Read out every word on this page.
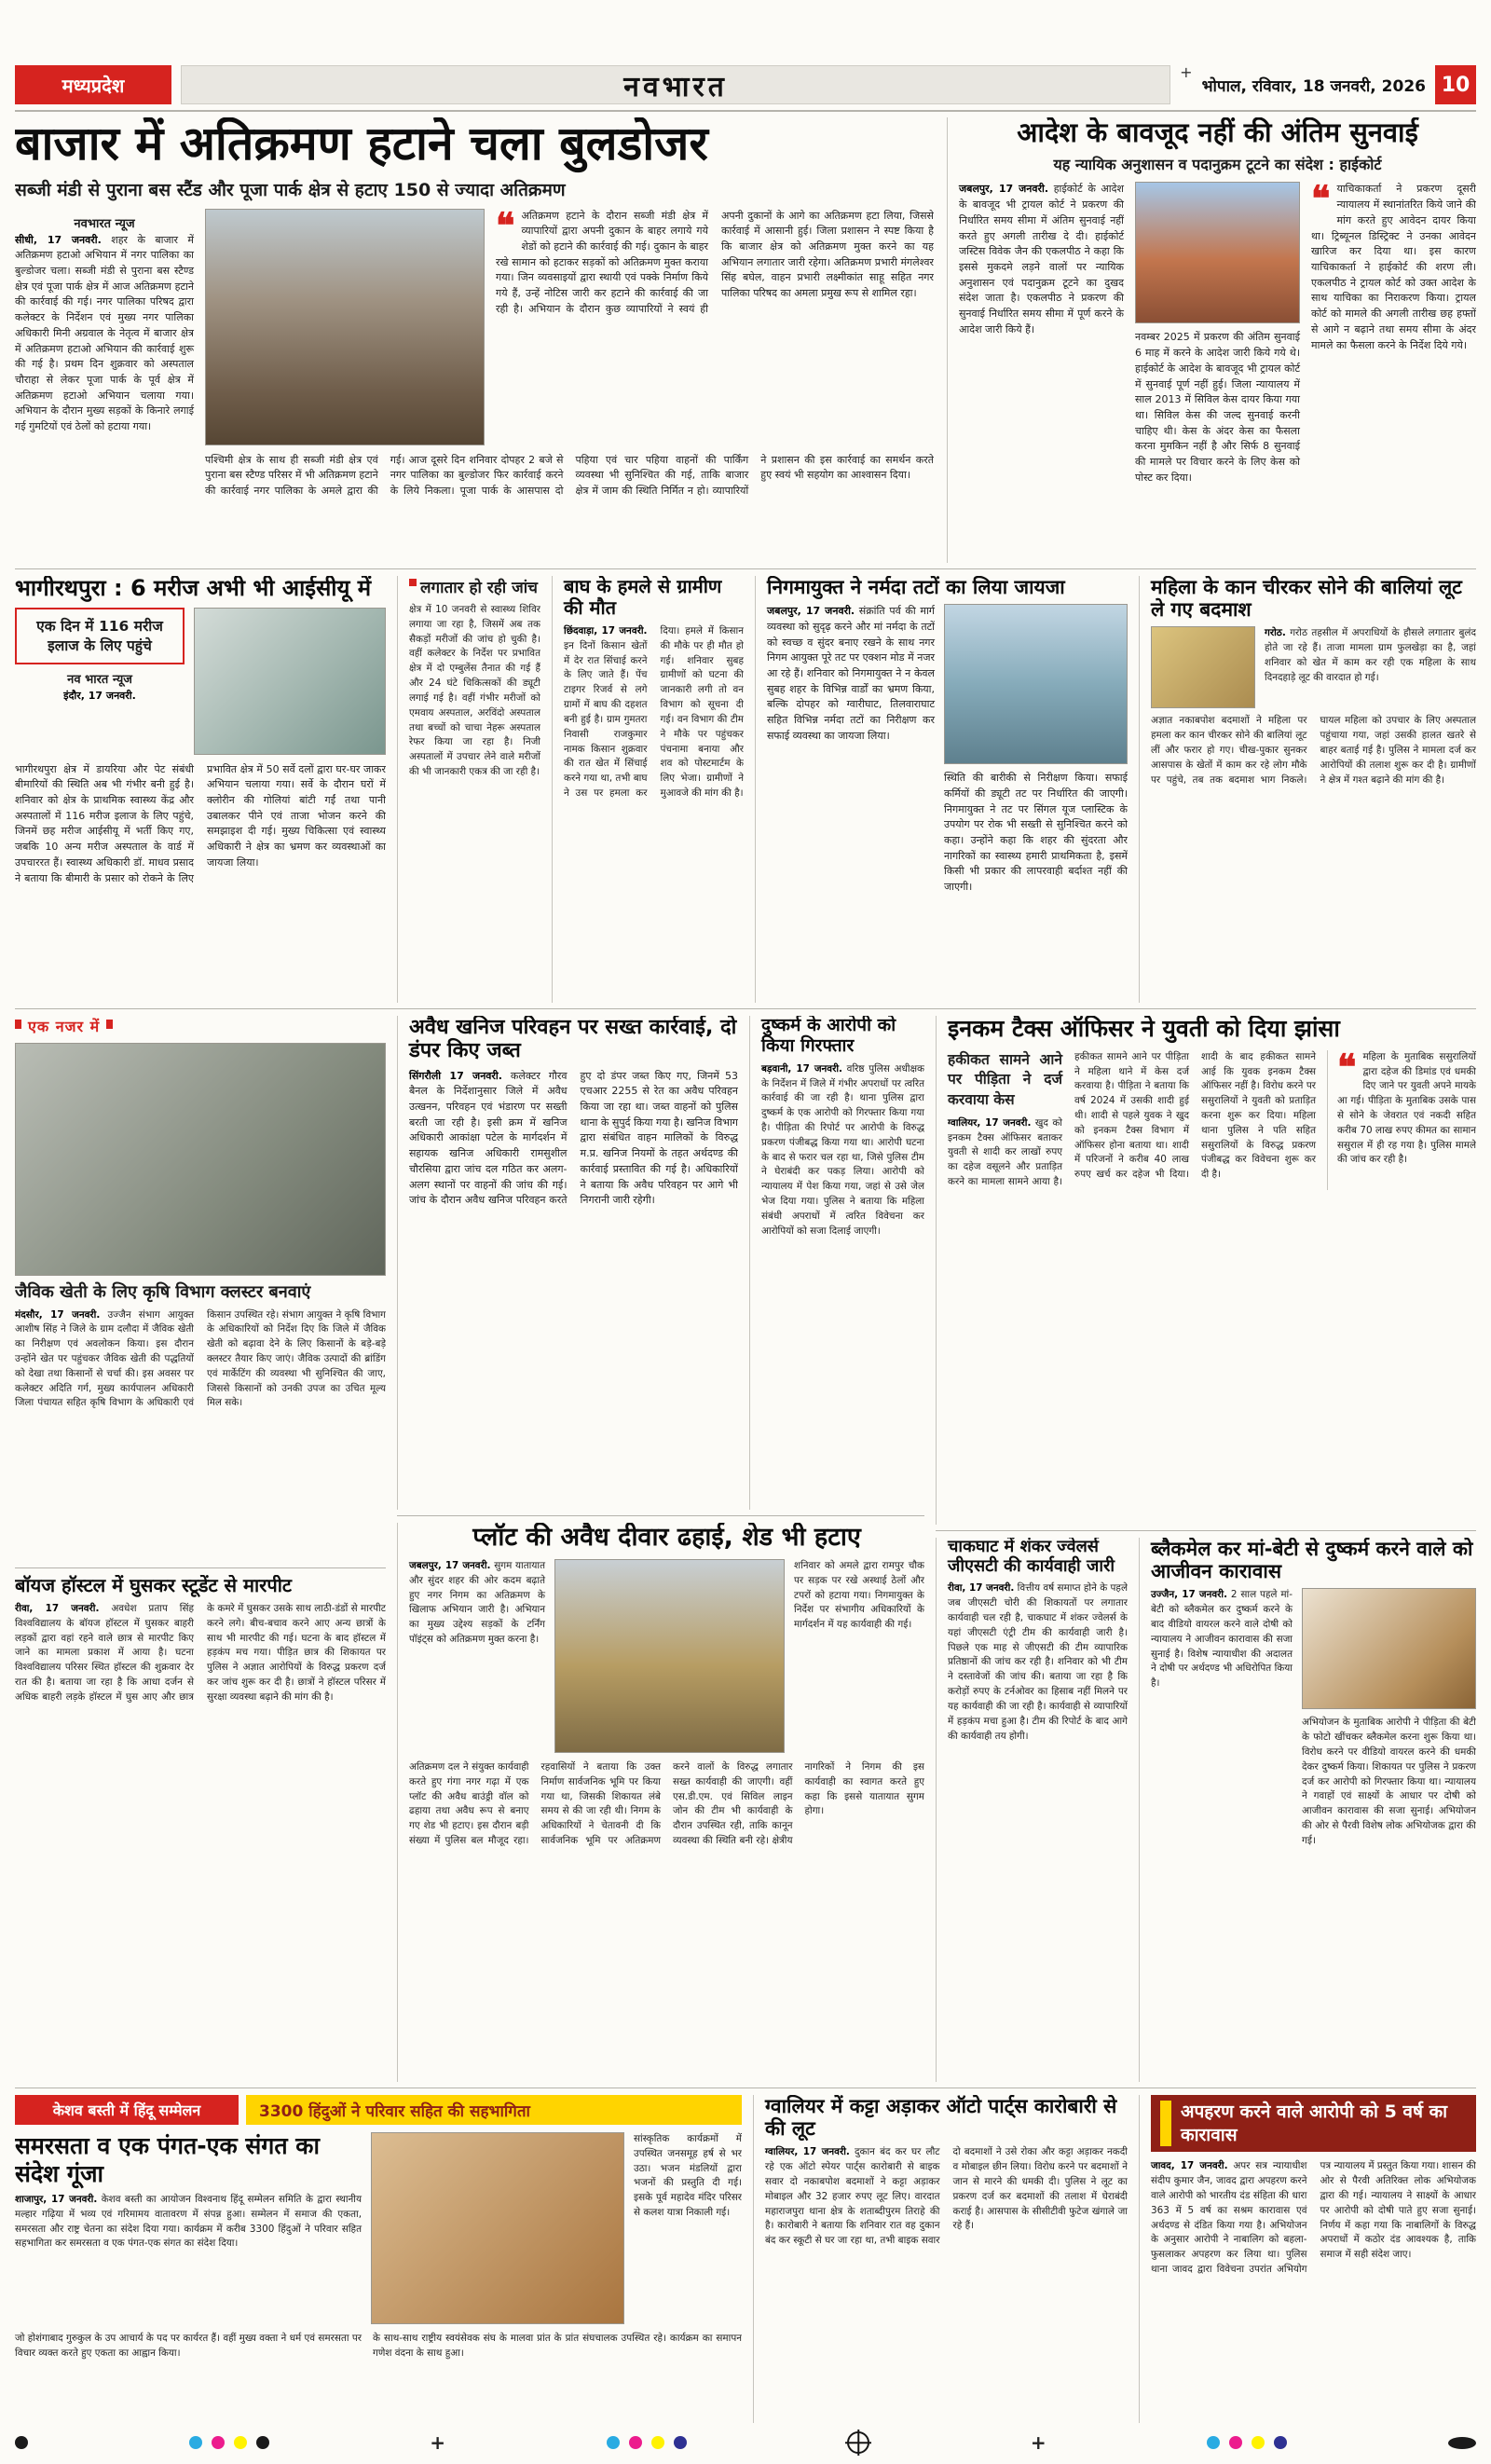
मध्यप्रदेश	नवभारत	+
भोपाल, रविवार, 18 जनवरी, 2026 10
बाजार में अतिक्रमण हटाने चला बुलडोजर
सब्जी मंडी से पुराना बस स्टैंड और पूजा पार्क क्षेत्र से हटाए 150 से ज्यादा अतिक्रमण
नवभारत न्यूज
सीधी, 17 जनवरी. शहर के बाजार में अतिक्रमण हटाओ अभियान में नगर पालिका का बुल्डोजर चला। सब्जी मंडी से पुराना बस स्टैण्ड क्षेत्र एवं पूजा पार्क क्षेत्र में आज अतिक्रमण हटाने की कार्रवाई की गई। नगर पालिका परिषद द्वारा कलेक्टर के निर्देशन एवं मुख्य नगर पालिका अधिकारी मिनी अग्रवाल के नेतृत्व में बाजार क्षेत्र में अतिक्रमण हटाओ अभियान की कार्रवाई शुरू की गई है। प्रथम दिन शुक्रवार को अस्पताल चौराहा से लेकर पूजा पार्क के पूर्व क्षेत्र में अतिक्रमण हटाओ अभियान चलाया गया। अभियान के दौरान मुख्य सड़कों के किनारे लगाई गई गुमटियों एवं ठेलों को हटाया गया।
❝ अतिक्रमण हटाने के दौरान सब्जी मंडी क्षेत्र में व्यापारियों द्वारा अपनी दुकान के बाहर लगाये गये शेडों को हटाने की कार्रवाई की गई। दुकान के बाहर रखे सामान को हटाकर सड़कों को अतिक्रमण मुक्त कराया गया। जिन व्यवसाइयों द्वारा स्थायी एवं पक्के निर्माण किये गये हैं, उन्हें नोटिस जारी कर हटाने की कार्रवाई की जा रही है। अभियान के दौरान कुछ व्यापारियों ने स्वयं ही अपनी दुकानों के आगे का अतिक्रमण हटा लिया, जिससे कार्रवाई में आसानी हुई। जिला प्रशासन ने स्पष्ट किया है कि बाजार क्षेत्र को अतिक्रमण मुक्त करने का यह अभियान लगातार जारी रहेगा। अतिक्रमण प्रभारी मंगलेश्वर सिंह बघेल, वाहन प्रभारी लक्ष्मीकांत साहू सहित नगर पालिका परिषद का अमला प्रमुख रूप से शामिल रहा।
पश्चिमी क्षेत्र के साथ ही सब्जी मंडी क्षेत्र एवं पुराना बस स्टैण्ड परिसर में भी अतिक्रमण हटाने की कार्रवाई नगर पालिका के अमले द्वारा की गई। आज दूसरे दिन शनिवार दोपहर 2 बजे से नगर पालिका का बुल्डोजर फिर कार्रवाई करने के लिये निकला। पूजा पार्क के आसपास दो पहिया एवं चार पहिया वाहनों की पार्किंग व्यवस्था भी सुनिश्चित की गई, ताकि बाजार क्षेत्र में जाम की स्थिति निर्मित न हो। व्यापारियों ने प्रशासन की इस कार्रवाई का समर्थन करते हुए स्वयं भी सहयोग का आश्वासन दिया।
आदेश के बावजूद नहीं की अंतिम सुनवाई
यह न्यायिक अनुशासन व पदानुक्रम टूटने का संदेश : हाईकोर्ट
जबलपुर, 17 जनवरी. हाईकोर्ट के आदेश के बावजूद भी ट्रायल कोर्ट ने प्रकरण की निर्धारित समय सीमा में अंतिम सुनवाई नहीं करते हुए अगली तारीख दे दी। हाईकोर्ट जस्टिस विवेक जैन की एकलपीठ ने कहा कि इससे मुकदमे लड़ने वालों पर न्यायिक अनुशासन एवं पदानुक्रम टूटने का दुखद संदेश जाता है। एकलपीठ ने प्रकरण की सुनवाई निर्धारित समय सीमा में पूर्ण करने के आदेश जारी किये हैं।
नवम्बर 2025 में प्रकरण की अंतिम सुनवाई 6 माह में करने के आदेश जारी किये गये थे। हाईकोर्ट के आदेश के बावजूद भी ट्रायल कोर्ट में सुनवाई पूर्ण नहीं हुई। जिला न्यायालय में साल 2013 में सिविल केस दायर किया गया था। सिविल केस की जल्द सुनवाई करनी चाहिए थी। केस के अंदर केस का फैसला करना मुमकिन नहीं है और सिर्फ 8 सुनवाई की मामले पर विचार करने के लिए केस को पोस्ट कर दिया।
❝ याचिकाकर्ता ने प्रकरण दूसरी न्यायालय में स्थानांतरित किये जाने की मांग करते हुए आवेदन दायर किया था। ट्रिब्यूनल डिस्ट्रिक्ट ने उनका आवेदन खारिज कर दिया था। इस कारण याचिकाकर्ता ने हाईकोर्ट की शरण ली। एकलपीठ ने ट्रायल कोर्ट को उक्त आदेश के साथ याचिका का निराकरण किया। ट्रायल कोर्ट को मामले की अगली तारीख छह हफ्तों से आगे न बढ़ाने तथा समय सीमा के अंदर मामले का फैसला करने के निर्देश दिये गये।
भागीरथपुरा : 6 मरीज अभी भी आईसीयू में
एक दिन में 116 मरीज इलाज के लिए पहुंचे
नव भारत न्यूज
इंदौर, 17 जनवरी.
भागीरथपुरा क्षेत्र में डायरिया और पेट संबंधी बीमारियों की स्थिति अब भी गंभीर बनी हुई है। शनिवार को क्षेत्र के प्राथमिक स्वास्थ्य केंद्र और अस्पतालों में 116 मरीज इलाज के लिए पहुंचे, जिनमें छह मरीज आईसीयू में भर्ती किए गए, जबकि 10 अन्य मरीज अस्पताल के वार्ड में उपचाररत हैं। स्वास्थ्य अधिकारी डॉ. माधव प्रसाद ने बताया कि बीमारी के प्रसार को रोकने के लिए प्रभावित क्षेत्र में 50 सर्वे दलों द्वारा घर-घर जाकर अभियान चलाया गया। सर्वे के दौरान घरों में क्लोरीन की गोलियां बांटी गईं तथा पानी उबालकर पीने एवं ताजा भोजन करने की समझाइश दी गई। मुख्य चिकित्सा एवं स्वास्थ्य अधिकारी ने क्षेत्र का भ्रमण कर व्यवस्थाओं का जायजा लिया।
लगातार हो रही जांच
क्षेत्र में 10 जनवरी से स्वास्थ्य शिविर लगाया जा रहा है, जिसमें अब तक सैकड़ों मरीजों की जांच हो चुकी है। वहीं कलेक्टर के निर्देश पर प्रभावित क्षेत्र में दो एम्बुलेंस तैनात की गई हैं और 24 घंटे चिकित्सकों की ड्यूटी लगाई गई है। वहीं गंभीर मरीजों को एमवाय अस्पताल, अरविंदो अस्पताल तथा बच्चों को चाचा नेहरू अस्पताल रेफर किया जा रहा है। निजी अस्पतालों में उपचार लेने वाले मरीजों की भी जानकारी एकत्र की जा रही है।
बाघ के हमले से ग्रामीण की मौत
छिंदवाड़ा, 17 जनवरी. इन दिनों किसान खेतों में देर रात सिंचाई करने के लिए जाते हैं। पेंच टाइगर रिजर्व से लगे ग्रामों में बाघ की दहशत बनी हुई है। ग्राम गुमतरा निवासी राजकुमार नामक किसान शुक्रवार की रात खेत में सिंचाई करने गया था, तभी बाघ ने उस पर हमला कर दिया। हमले में किसान की मौके पर ही मौत हो गई। शनिवार सुबह ग्रामीणों को घटना की जानकारी लगी तो वन विभाग को सूचना दी गई। वन विभाग की टीम ने मौके पर पहुंचकर पंचनामा बनाया और शव को पोस्टमार्टम के लिए भेजा। ग्रामीणों ने मुआवजे की मांग की है।
निगमायुक्त ने नर्मदा तटों का लिया जायजा
जबलपुर, 17 जनवरी. संक्रांति पर्व की मार्ग व्यवस्था को सुदृढ़ करने और मां नर्मदा के तटों को स्वच्छ व सुंदर बनाए रखने के साथ नगर निगम आयुक्त पूरे तट पर एक्शन मोड में नजर आ रहे हैं। शनिवार को निगमायुक्त ने न केवल सुबह शहर के विभिन्न वार्डों का भ्रमण किया, बल्कि दोपहर को ग्वारीघाट, तिलवाराघाट सहित विभिन्न नर्मदा तटों का निरीक्षण कर सफाई व्यवस्था का जायजा लिया।
स्थिति की बारीकी से निरीक्षण किया। सफाई कर्मियों की ड्यूटी तट पर निर्धारित की जाएगी। निगमायुक्त ने तट पर सिंगल यूज प्लास्टिक के उपयोग पर रोक भी सख्ती से सुनिश्चित करने को कहा। उन्होंने कहा कि शहर की सुंदरता और नागरिकों का स्वास्थ्य हमारी प्राथमिकता है, इसमें किसी भी प्रकार की लापरवाही बर्दाश्त नहीं की जाएगी।
महिला के कान चीरकर सोने की बालियां लूट ले गए बदमाश
गरोठ. गरोठ तहसील में अपराधियों के हौसले लगातार बुलंद होते जा रहे हैं। ताजा मामला ग्राम फुलखेड़ा का है, जहां शनिवार को खेत में काम कर रही एक महिला के साथ दिनदहाड़े लूट की वारदात हो गई।
अज्ञात नकाबपोश बदमाशों ने महिला पर हमला कर कान चीरकर सोने की बालियां लूट लीं और फरार हो गए। चीख-पुकार सुनकर आसपास के खेतों में काम कर रहे लोग मौके पर पहुंचे, तब तक बदमाश भाग निकले। घायल महिला को उपचार के लिए अस्पताल पहुंचाया गया, जहां उसकी हालत खतरे से बाहर बताई गई है। पुलिस ने मामला दर्ज कर आरोपियों की तलाश शुरू कर दी है। ग्रामीणों ने क्षेत्र में गश्त बढ़ाने की मांग की है।
एक नजर में
जैविक खेती के लिए कृषि विभाग क्लस्टर बनवाएं
मंदसौर, 17 जनवरी. उज्जैन संभाग आयुक्त आशीष सिंह ने जिले के ग्राम दलौदा में जैविक खेती का निरीक्षण एवं अवलोकन किया। इस दौरान उन्होंने खेत पर पहुंचकर जैविक खेती की पद्धतियों को देखा तथा किसानों से चर्चा की। इस अवसर पर कलेक्टर अदिति गर्ग, मुख्य कार्यपालन अधिकारी जिला पंचायत सहित कृषि विभाग के अधिकारी एवं किसान उपस्थित रहे। संभाग आयुक्त ने कृषि विभाग के अधिकारियों को निर्देश दिए कि जिले में जैविक खेती को बढ़ावा देने के लिए किसानों के बड़े-बड़े क्लस्टर तैयार किए जाएं। जैविक उत्पादों की ब्रांडिंग एवं मार्केटिंग की व्यवस्था भी सुनिश्चित की जाए, जिससे किसानों को उनकी उपज का उचित मूल्य मिल सके।
अवैध खनिज परिवहन पर सख्त कार्रवाई, दो डंपर किए जब्त
सिंगरौली 17 जनवरी. कलेक्टर गौरव बैनल के निर्देशानुसार जिले में अवैध उत्खनन, परिवहन एवं भंडारण पर सख्ती बरती जा रही है। इसी क्रम में खनिज अधिकारी आकांक्षा पटेल के मार्गदर्शन में सहायक खनिज अधिकारी रामसुशील चौरसिया द्वारा जांच दल गठित कर अलग-अलग स्थानों पर वाहनों की जांच की गई। जांच के दौरान अवैध खनिज परिवहन करते हुए दो डंपर जब्त किए गए, जिनमें 53 एचआर 2255 से रेत का अवैध परिवहन किया जा रहा था। जब्त वाहनों को पुलिस थाना के सुपुर्द किया गया है। खनिज विभाग द्वारा संबंधित वाहन मालिकों के विरुद्ध म.प्र. खनिज नियमों के तहत अर्थदण्ड की कार्रवाई प्रस्तावित की गई है। अधिकारियों ने बताया कि अवैध परिवहन पर आगे भी निगरानी जारी रहेगी।
दुष्कर्म के आरोपी को किया गिरफ्तार
बड़वानी, 17 जनवरी. वरिष्ठ पुलिस अधीक्षक के निर्देशन में जिले में गंभीर अपराधों पर त्वरित कार्रवाई की जा रही है। थाना पुलिस द्वारा दुष्कर्म के एक आरोपी को गिरफ्तार किया गया है। पीड़िता की रिपोर्ट पर आरोपी के विरुद्ध प्रकरण पंजीबद्ध किया गया था। आरोपी घटना के बाद से फरार चल रहा था, जिसे पुलिस टीम ने घेराबंदी कर पकड़ लिया। आरोपी को न्यायालय में पेश किया गया, जहां से उसे जेल भेज दिया गया। पुलिस ने बताया कि महिला संबंधी अपराधों में त्वरित विवेचना कर आरोपियों को सजा दिलाई जाएगी।
इनकम टैक्स ऑफिसर ने युवती को दिया झांसा
हकीकत सामने आने पर पीड़िता ने दर्ज करवाया केस
ग्वालियर, 17 जनवरी. खुद को इनकम टैक्स ऑफिसर बताकर युवती से शादी कर लाखों रुपए का दहेज वसूलने और प्रताड़ित करने का मामला सामने आया है। हकीकत सामने आने पर पीड़िता ने महिला थाने में केस दर्ज करवाया है। पीड़िता ने बताया कि वर्ष 2024 में उसकी शादी हुई थी। शादी से पहले युवक ने खुद को इनकम टैक्स विभाग में ऑफिसर होना बताया था। शादी में परिजनों ने करीब 40 लाख रुपए खर्च कर दहेज भी दिया। शादी के बाद हकीकत सामने आई कि युवक इनकम टैक्स ऑफिसर नहीं है। विरोध करने पर ससुरालियों ने युवती को प्रताड़ित करना शुरू कर दिया। महिला थाना पुलिस ने पति सहित ससुरालियों के विरुद्ध प्रकरण पंजीबद्ध कर विवेचना शुरू कर दी है।
❝ महिला के मुताबिक ससुरालियों द्वारा दहेज की डिमांड एवं धमकी दिए जाने पर युवती अपने मायके आ गई। पीड़िता के मुताबिक उसके पास से सोने के जेवरात एवं नकदी सहित करीब 70 लाख रुपए कीमत का सामान ससुराल में ही रह गया है। पुलिस मामले की जांच कर रही है।
प्लॉट की अवैध दीवार ढहाई, शेड भी हटाए
जबलपुर, 17 जनवरी. सुगम यातायात और सुंदर शहर की ओर कदम बढ़ाते हुए नगर निगम का अतिक्रमण के खिलाफ अभियान जारी है। अभियान का मुख्य उद्देश्य सड़कों के टर्निंग पॉइंट्स को अतिक्रमण मुक्त करना है।
शनिवार को अमले द्वारा रामपुर चौक पर सड़क पर रखे अस्थाई ठेलों और टपरों को हटाया गया। निगमायुक्त के निर्देश पर संभागीय अधिकारियों के मार्गदर्शन में यह कार्यवाही की गई।
अतिक्रमण दल ने संयुक्त कार्यवाही करते हुए गंगा नगर गढ़ा में एक प्लॉट की अवैध बाउंड्री वॉल को ढहाया तथा अवैध रूप से बनाए गए शेड भी हटाए। इस दौरान बड़ी संख्या में पुलिस बल मौजूद रहा। रहवासियों ने बताया कि उक्त निर्माण सार्वजनिक भूमि पर किया गया था, जिसकी शिकायत लंबे समय से की जा रही थी। निगम के अधिकारियों ने चेतावनी दी कि सार्वजनिक भूमि पर अतिक्रमण करने वालों के विरुद्ध लगातार सख्त कार्यवाही की जाएगी। वहीं एस.डी.एम. एवं सिविल लाइन जोन की टीम भी कार्यवाही के दौरान उपस्थित रही, ताकि कानून व्यवस्था की स्थिति बनी रहे। क्षेत्रीय नागरिकों ने निगम की इस कार्यवाही का स्वागत करते हुए कहा कि इससे यातायात सुगम होगा।
बॉयज हॉस्टल में घुसकर स्टूडेंट से मारपीट
रीवा, 17 जनवरी. अवधेश प्रताप सिंह विश्वविद्यालय के बॉयज हॉस्टल में घुसकर बाहरी लड़कों द्वारा वहां रहने वाले छात्र से मारपीट किए जाने का मामला प्रकाश में आया है। घटना विश्वविद्यालय परिसर स्थित हॉस्टल की शुक्रवार देर रात की है। बताया जा रहा है कि आधा दर्जन से अधिक बाहरी लड़के हॉस्टल में घुस आए और छात्र के कमरे में घुसकर उसके साथ लाठी-डंडों से मारपीट करने लगे। बीच-बचाव करने आए अन्य छात्रों के साथ भी मारपीट की गई। घटना के बाद हॉस्टल में हड़कंप मच गया। पीड़ित छात्र की शिकायत पर पुलिस ने अज्ञात आरोपियों के विरुद्ध प्रकरण दर्ज कर जांच शुरू कर दी है। छात्रों ने हॉस्टल परिसर में सुरक्षा व्यवस्था बढ़ाने की मांग की है।
चाकघाट में शंकर ज्वेलर्स जीएसटी की कार्यवाही जारी
रीवा, 17 जनवरी. वित्तीय वर्ष समाप्त होने के पहले जब जीएसटी चोरी की शिकायतों पर लगातार कार्यवाही चल रही है, चाकघाट में शंकर ज्वेलर्स के यहां जीएसटी एंट्री टीम की कार्यवाही जारी है। पिछले एक माह से जीएसटी की टीम व्यापारिक प्रतिष्ठानों की जांच कर रही है। शनिवार को भी टीम ने दस्तावेजों की जांच की। बताया जा रहा है कि करोड़ों रुपए के टर्नओवर का हिसाब नहीं मिलने पर यह कार्यवाही की जा रही है। कार्यवाही से व्यापारियों में हड़कंप मचा हुआ है। टीम की रिपोर्ट के बाद आगे की कार्यवाही तय होगी।
ब्लैकमेल कर मां-बेटी से दुष्कर्म करने वाले को आजीवन कारावास
उज्जैन, 17 जनवरी. 2 साल पहले मां-बेटी को ब्लैकमेल कर दुष्कर्म करने के बाद वीडियो वायरल करने वाले दोषी को न्यायालय ने आजीवन कारावास की सजा सुनाई है। विशेष न्यायाधीश की अदालत ने दोषी पर अर्थदण्ड भी अधिरोपित किया है।
अभियोजन के मुताबिक आरोपी ने पीड़िता की बेटी के फोटो खींचकर ब्लैकमेल करना शुरू किया था। विरोध करने पर वीडियो वायरल करने की धमकी देकर दुष्कर्म किया। शिकायत पर पुलिस ने प्रकरण दर्ज कर आरोपी को गिरफ्तार किया था। न्यायालय ने गवाहों एवं साक्ष्यों के आधार पर दोषी को आजीवन कारावास की सजा सुनाई। अभियोजन की ओर से पैरवी विशेष लोक अभियोजक द्वारा की गई।
केशव बस्ती में हिंदू सम्मेलन	3300 हिंदुओं ने परिवार सहित की सहभागिता
समरसता व एक पंगत-एक संगत का संदेश गूंजा
शाजापुर, 17 जनवरी. केशव बस्ती का आयोजन विश्वनाथ हिंदू सम्मेलन समिति के द्वारा स्थानीय मल्हार गढ़िया में भव्य एवं गरिमामय वातावरण में संपन्न हुआ। सम्मेलन में समाज की एकता, समरसता और राष्ट्र चेतना का संदेश दिया गया। कार्यक्रम में करीब 3300 हिंदुओं ने परिवार सहित सहभागिता कर समरसता व एक पंगत-एक संगत का संदेश दिया।
सांस्कृतिक कार्यक्रमों में उपस्थित जनसमूह हर्ष से भर उठा। भजन मंडलियों द्वारा भजनों की प्रस्तुति दी गई। इसके पूर्व महादेव मंदिर परिसर से कलश यात्रा निकाली गई।
जो होशंगाबाद गुरुकुल के उप आचार्य के पद पर कार्यरत हैं। वहीं मुख्य वक्ता ने धर्म एवं समरसता पर विचार व्यक्त करते हुए एकता का आह्वान किया।
के साथ-साथ राष्ट्रीय स्वयंसेवक संघ के मालवा प्रांत के प्रांत संघचालक उपस्थित रहे। कार्यक्रम का समापन गणेश वंदना के साथ हुआ।
ग्वालियर में कट्टा अड़ाकर ऑटो पार्ट्स कारोबारी से की लूट
ग्वालियर, 17 जनवरी. दुकान बंद कर घर लौट रहे एक ऑटो स्पेयर पार्ट्स कारोबारी से बाइक सवार दो नकाबपोश बदमाशों ने कट्टा अड़ाकर मोबाइल और 32 हजार रुपए लूट लिए। वारदात महाराजपुरा थाना क्षेत्र के शताब्दीपुरम तिराहे की है। कारोबारी ने बताया कि शनिवार रात वह दुकान बंद कर स्कूटी से घर जा रहा था, तभी बाइक सवार दो बदमाशों ने उसे रोका और कट्टा अड़ाकर नकदी व मोबाइल छीन लिया। विरोध करने पर बदमाशों ने जान से मारने की धमकी दी। पुलिस ने लूट का प्रकरण दर्ज कर बदमाशों की तलाश में घेराबंदी कराई है। आसपास के सीसीटीवी फुटेज खंगाले जा रहे हैं।
अपहरण करने वाले आरोपी को 5 वर्ष का कारावास
जावद, 17 जनवरी. अपर सत्र न्यायाधीश संदीप कुमार जैन, जावद द्वारा अपहरण करने वाले आरोपी को भारतीय दंड संहिता की धारा 363 में 5 वर्ष का सश्रम कारावास एवं अर्थदण्ड से दंडित किया गया है। अभियोजन के अनुसार आरोपी ने नाबालिग को बहला-फुसलाकर अपहरण कर लिया था। पुलिस थाना जावद द्वारा विवेचना उपरांत अभियोग पत्र न्यायालय में प्रस्तुत किया गया। शासन की ओर से पैरवी अतिरिक्त लोक अभियोजक द्वारा की गई। न्यायालय ने साक्ष्यों के आधार पर आरोपी को दोषी पाते हुए सजा सुनाई। निर्णय में कहा गया कि नाबालिगों के विरुद्ध अपराधों में कठोर दंड आवश्यक है, ताकि समाज में सही संदेश जाए।
+	+
